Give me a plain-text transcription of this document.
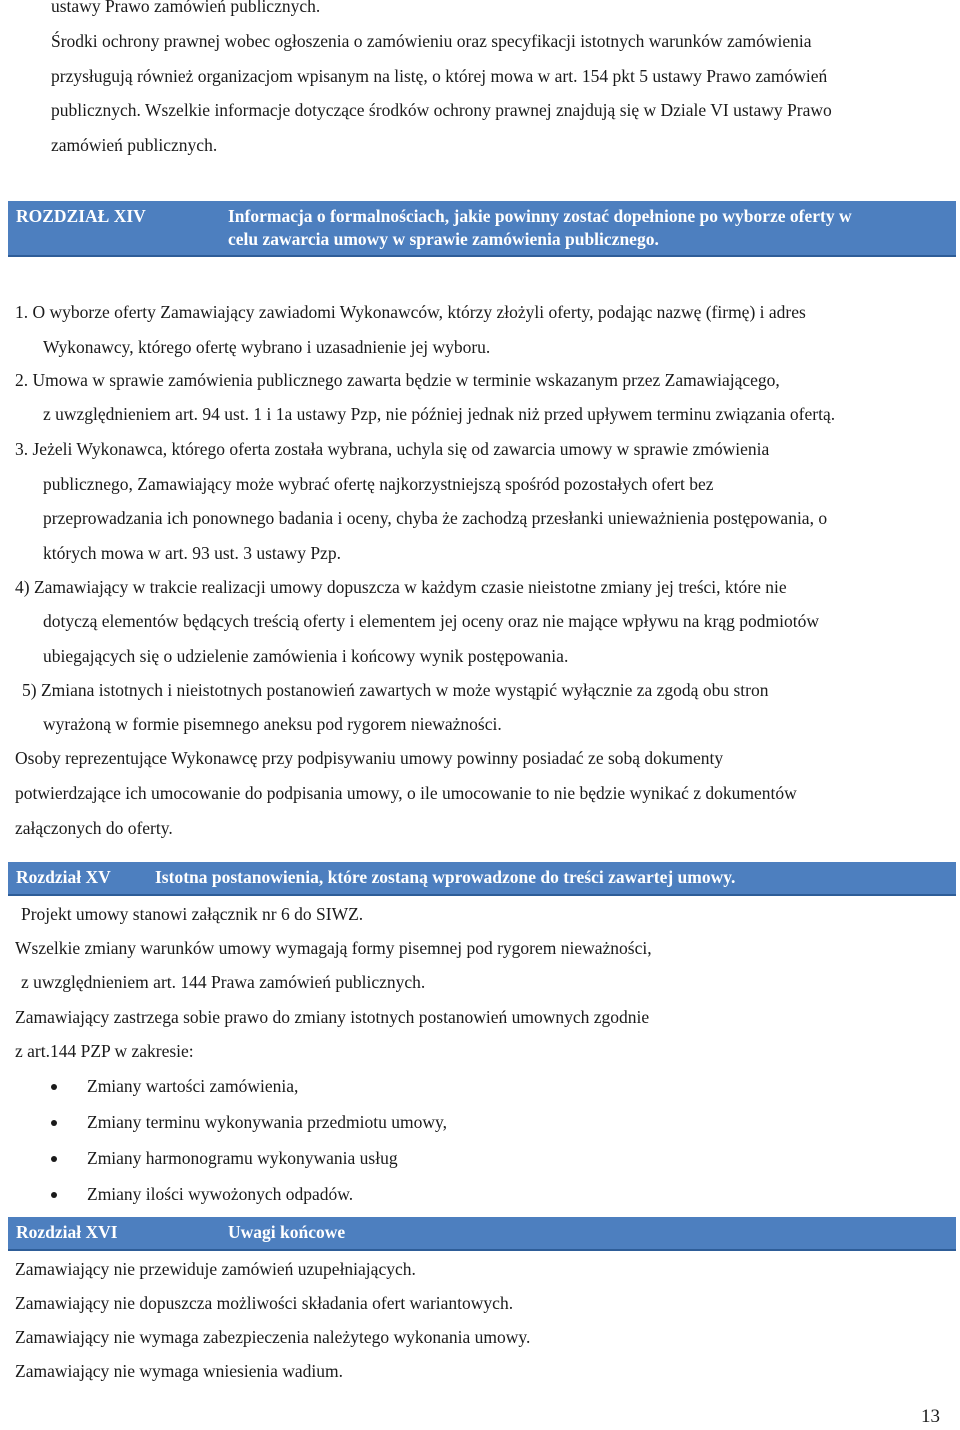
ustawy Prawo zamówień publicznych.
Środki ochrony prawnej wobec ogłoszenia o zamówieniu oraz specyfikacji istotnych warunków zamówienia
przysługują również organizacjom wpisanym na listę, o której mowa w art. 154 pkt 5 ustawy Prawo zamówień
publicznych. Wszelkie informacje dotyczące środków ochrony prawnej znajdują się w Dziale VI ustawy Prawo
zamówień publicznych.
ROZDZIAŁ XIV	Informacja o formalnościach, jakie powinny zostać dopełnione po wyborze oferty w
celu zawarcia umowy w sprawie zamówienia publicznego.
1. O wyborze oferty Zamawiający zawiadomi Wykonawców, którzy złożyli oferty, podając nazwę (firmę) i adres
Wykonawcy, którego ofertę wybrano i uzasadnienie jej wyboru.
2. Umowa w sprawie zamówienia publicznego zawarta będzie w terminie wskazanym przez Zamawiającego,
z uwzględnieniem art. 94 ust. 1 i 1a ustawy Pzp, nie później jednak niż przed upływem terminu związania ofertą.
3. Jeżeli Wykonawca, którego oferta została wybrana, uchyla się od zawarcia umowy w sprawie zmówienia
publicznego, Zamawiający może wybrać ofertę najkorzystniejszą spośród pozostałych ofert bez
przeprowadzania ich ponownego badania i oceny, chyba że zachodzą przesłanki unieważnienia postępowania, o
których mowa w art. 93 ust. 3 ustawy Pzp.
4) Zamawiający w trakcie realizacji umowy dopuszcza w każdym czasie nieistotne zmiany jej treści, które nie
dotyczą elementów będących treścią oferty i elementem jej oceny oraz nie mające wpływu na krąg podmiotów
ubiegających się o udzielenie zamówienia i końcowy wynik postępowania.
5) Zmiana istotnych i nieistotnych postanowień zawartych w może wystąpić wyłącznie za zgodą obu stron
wyrażoną w formie pisemnego aneksu pod rygorem nieważności.
Osoby reprezentujące Wykonawcę przy podpisywaniu umowy powinny posiadać ze sobą dokumenty
potwierdzające ich umocowanie do podpisania umowy, o ile umocowanie to nie będzie wynikać z dokumentów
załączonych do oferty.
Rozdział XV	Istotna postanowienia, które zostaną wprowadzone do treści zawartej umowy.
Projekt umowy stanowi załącznik nr 6 do SIWZ.
Wszelkie zmiany warunków umowy wymagają formy pisemnej pod rygorem nieważności,
z uwzględnieniem art. 144 Prawa zamówień publicznych.
Zamawiający zastrzega sobie prawo do zmiany istotnych postanowień umownych zgodnie
z art.144 PZP w zakresie:
Zmiany wartości zamówienia,
Zmiany terminu wykonywania przedmiotu umowy,
Zmiany harmonogramu wykonywania usług
Zmiany ilości wywożonych odpadów.
Rozdział XVI	Uwagi końcowe
Zamawiający nie przewiduje zamówień uzupełniających.
Zamawiający nie dopuszcza możliwości składania ofert wariantowych.
Zamawiający nie wymaga zabezpieczenia należytego wykonania umowy.
Zamawiający nie wymaga wniesienia wadium.
13
